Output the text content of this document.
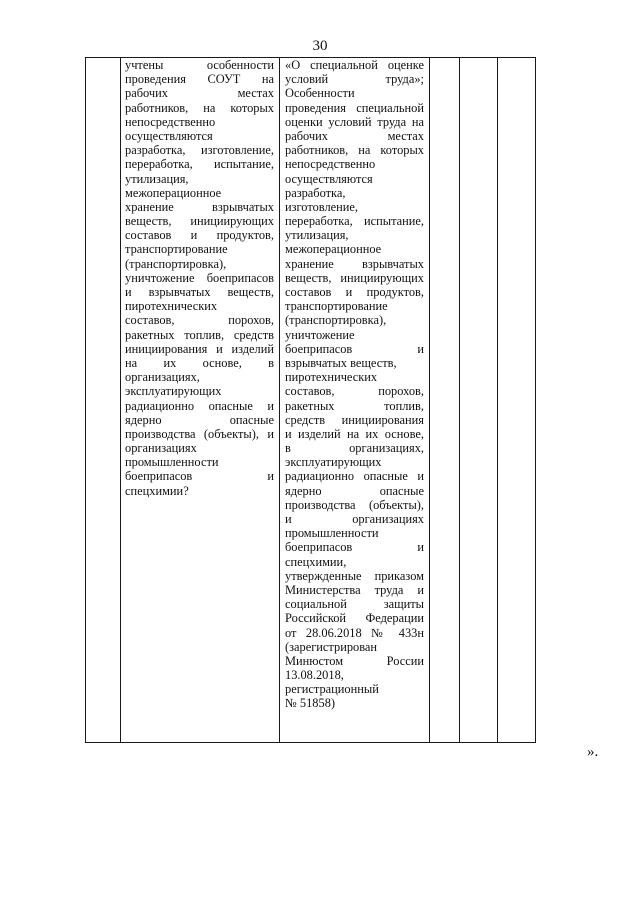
30
учтены особенности
проведения СОУТ на
рабочих местах
работников, на которых
непосредственно
осуществляются
разработка, изготовление,
переработка, испытание,
утилизация,
межоперационное
хранение взрывчатых
веществ, инициирующих
составов и продуктов,
транспортирование
(транспортировка),
уничтожение боеприпасов
и взрывчатых веществ,
пиротехнических
составов, порохов,
ракетных топлив, средств
инициирования и изделий
на их основе, в
организациях,
эксплуатирующих
радиационно опасные и
ядерно опасные
производства (объекты), и
организациях
промышленности
боеприпасов и
спецхимии?
«О специальной оценке
условий труда»;
Особенности
проведения специальной
оценки условий труда на
рабочих местах
работников, на которых
непосредственно
осуществляются
разработка,
изготовление,
переработка, испытание,
утилизация,
межоперационное
хранение взрывчатых
веществ, инициирующих
составов и продуктов,
транспортирование
(транспортировка),
уничтожение
боеприпасов и
взрывчатых веществ,
пиротехнических
составов, порохов,
ракетных топлив,
средств инициирования
и изделий на их основе,
в организациях,
эксплуатирующих
радиационно опасные и
ядерно опасные
производства (объекты),
и организациях
промышленности
боеприпасов и
спецхимии,
утвержденные приказом
Министерства труда и
социальной защиты
Российской Федерации
от 28.06.2018 № 433н
(зарегистрирован
Минюстом России
13.08.2018,
регистрационный
№ 51858)
».
